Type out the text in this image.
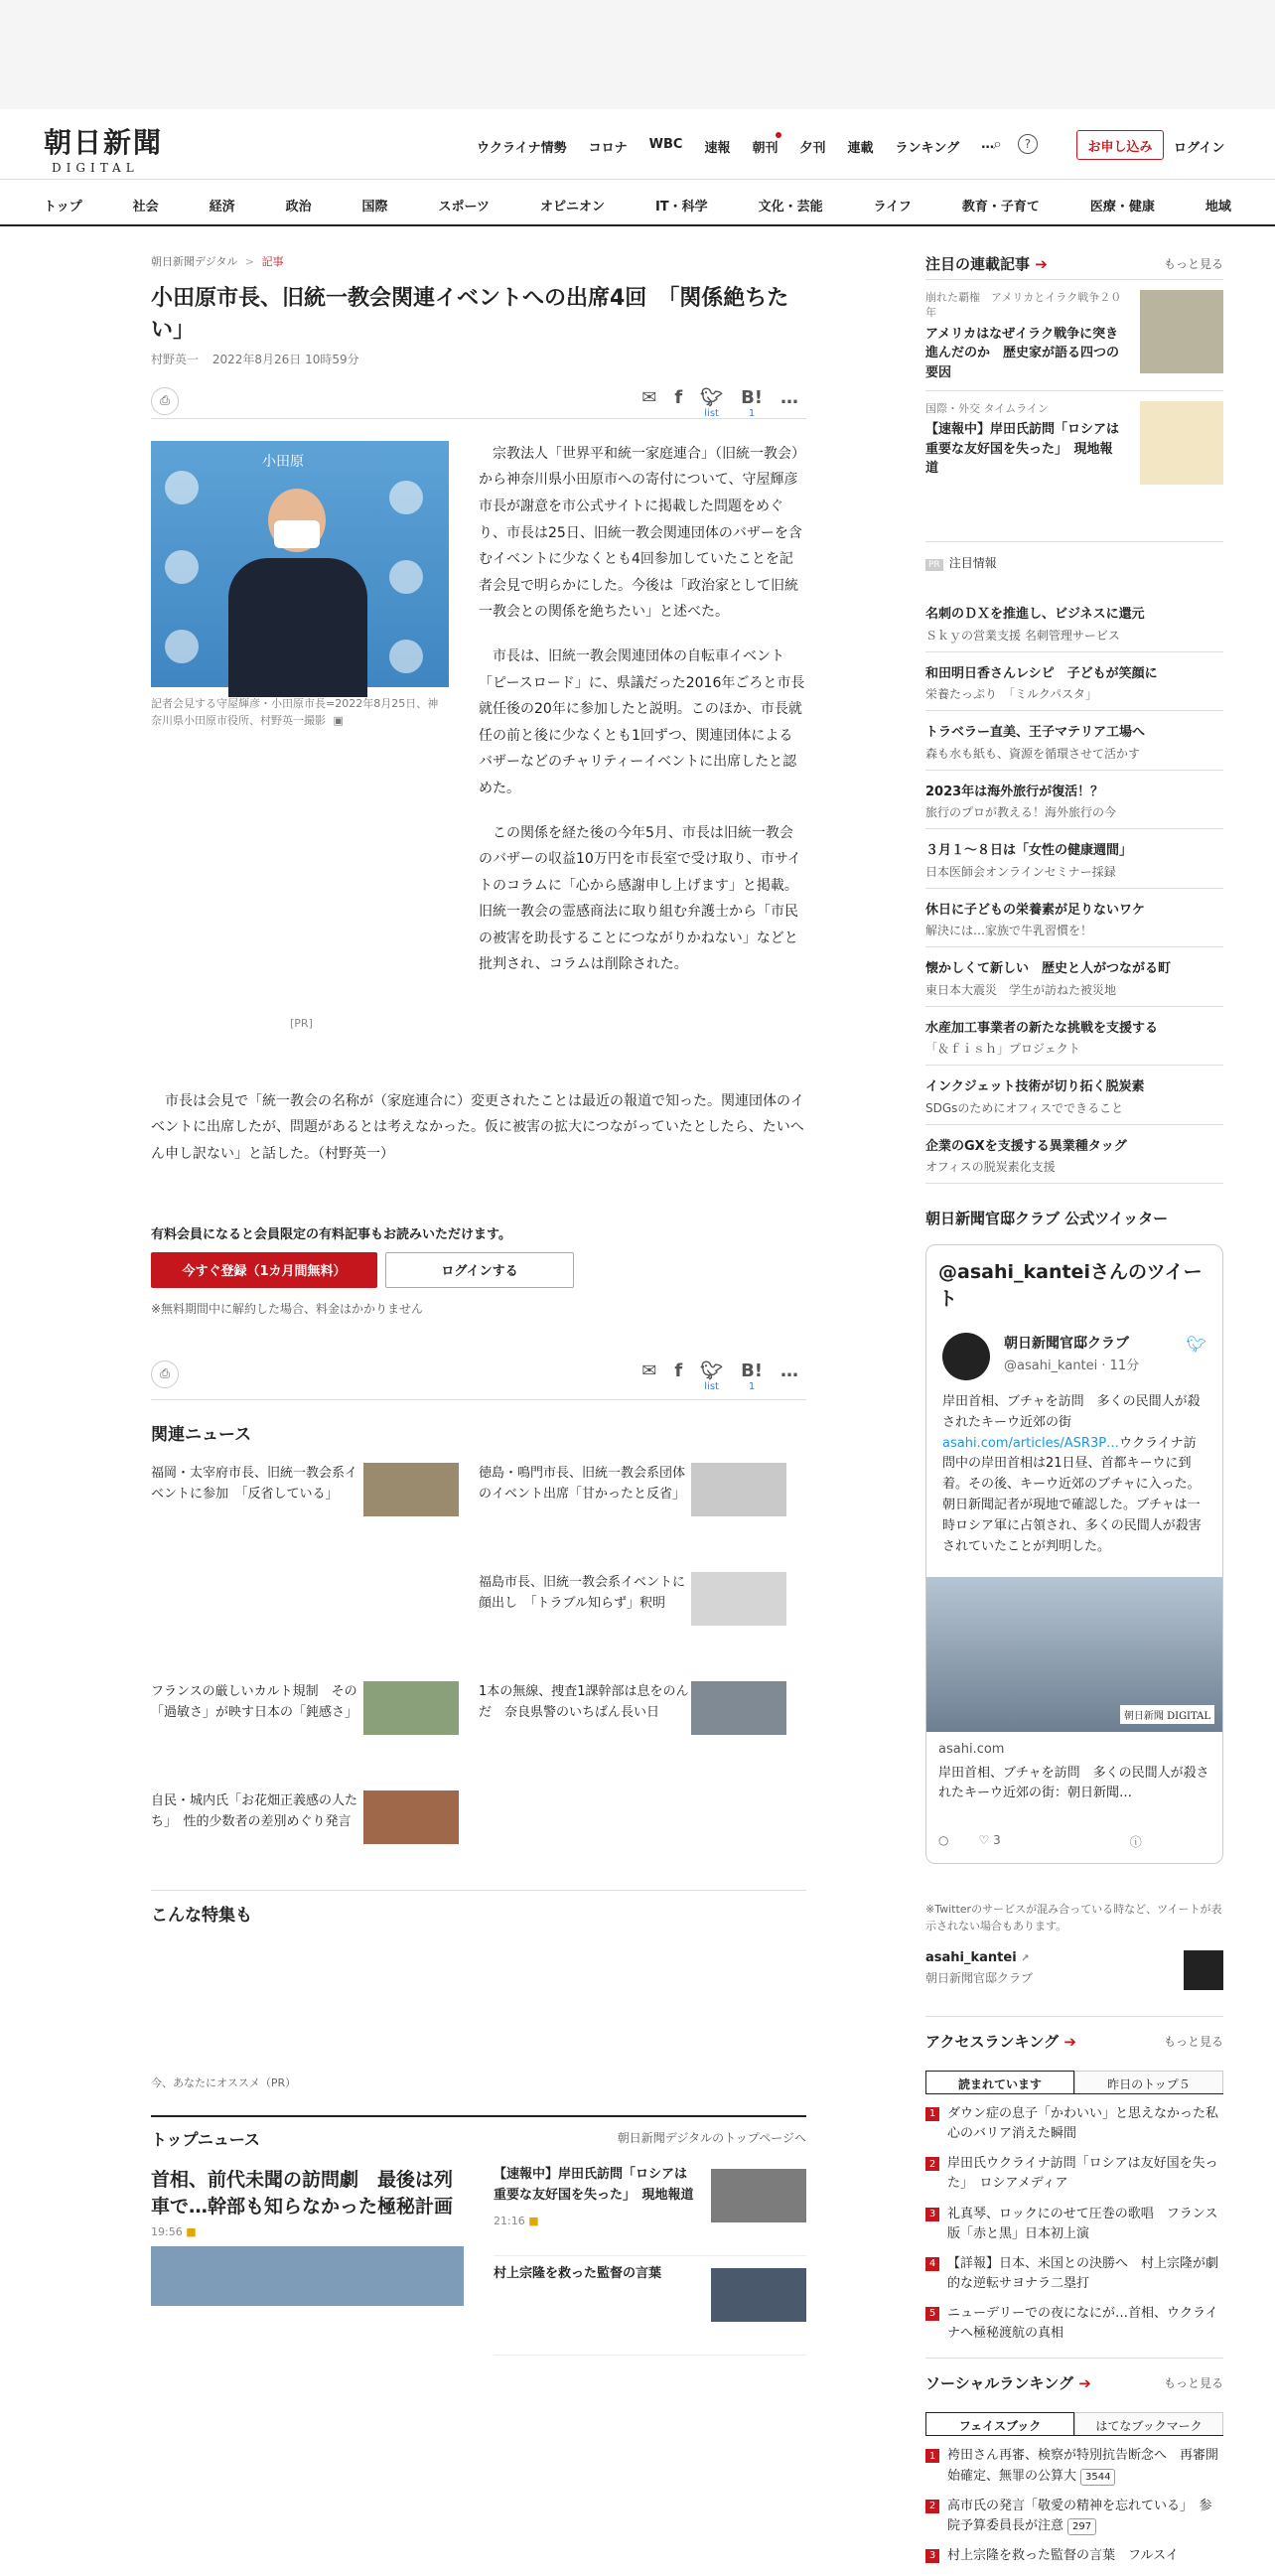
朝日新聞
DIGITAL
ウクライナ情勢 コロナ WBC 速報 朝刊 夕刊 連載 ランキング …
⌕	?	お申し込み	ログイン
トップ	社会	経済	政治	国際	スポーツ	オピニオン	IT・科学	文化・芸能	ライフ	教育・子育て	医療・健康	地域
朝日新聞デジタル > 記事
小田原市長、旧統一教会関連イベントへの出席4回　「関係絶ちたい」
村野英一 2022年8月26日 10時59分
⎙	✉ f 🐦︎
list
B!
1
…
小田原
記者会見する守屋輝彦・小田原市長=2022年8月25日、神奈川県小田原市役所、村野英一撮影 ▣
[PR]

　宗教法人「世界平和統一家庭連合」（旧統一教会）から神奈川県小田原市への寄付について、守屋輝彦市長が謝意を市公式サイトに掲載した問題をめぐり、市長は25日、旧統一教会関連団体のバザーを含むイベントに少なくとも4回参加していたことを記者会見で明らかにした。今後は「政治家として旧統一教会との関係を絶ちたい」と述べた。

　市長は、旧統一教会関連団体の自転車イベント「ピースロード」に、県議だった2016年ごろと市長就任後の20年に参加したと説明。このほか、市長就任の前と後に少なくとも1回ずつ、関連団体によるバザーなどのチャリティーイベントに出席したと認めた。

　この関係を経た後の今年5月、市長は旧統一教会のバザーの収益10万円を市長室で受け取り、市サイトのコラムに「心から感謝申し上げます」と掲載。旧統一教会の霊感商法に取り組む弁護士から「市民の被害を助長することにつながりかねない」などと批判され、コラムは削除された。

　市長は会見で「統一教会の名称が（家庭連合に）変更されたことは最近の報道で知った。関連団体のイベントに出席したが、問題があるとは考えなかった。仮に被害の拡大につながっていたとしたら、たいへん申し訳ない」と話した。（村野英一）
有料会員になると会員限定の有料記事もお読みいただけます。
今すぐ登録（1カ月間無料）	ログインする
※無料期間中に解約した場合、料金はかかりません
⎙	✉ f 🐦︎
list
B!
1
…
関連ニュース
福岡・太宰府市長、旧統一教会系イベントに参加　「反省している」
徳島・鳴門市長、旧統一教会系団体のイベント出席「甘かったと反省」
福島市長、旧統一教会系イベントに顔出し　「トラブル知らず」釈明
フランスの厳しいカルト規制　その「過敏さ」が映す日本の「鈍感さ」
1本の無線、捜査1課幹部は息をのんだ　奈良県警のいちばん長い日
自民・城内氏「お花畑正義感の人たち」　性的少数者の差別めぐり発言
こんな特集も
今、あなたにオススメ（PR）
トップニュース	朝日新聞デジタルのトップページへ
首相、前代未聞の訪問劇　最後は列車で…幹部も知らなかった極秘計画
19:56 ■
【速報中】岸田氏訪問「ロシアは重要な友好国を失った」　現地報道
21:16 ■
村上宗隆を救った監督の言葉
注目の連載記事 ➔	もっと見る
崩れた覇権　アメリカとイラク戦争２０年
アメリカはなぜイラク戦争に突き進んだのか　歴史家が語る四つの要因
国際・外交 タイムライン
【速報中】岸田氏訪問「ロシアは重要な友好国を失った」　現地報道
PR 注目情報
名刺のＤＸを推進し、ビジネスに還元
Ｓｋｙの営業支援 名刺管理サービス
和田明日香さんレシピ　子どもが笑顔に
栄養たっぷり　「ミルクパスタ」
トラベラー直美、王子マテリア工場へ
森も水も紙も、資源を循環させて活かす
2023年は海外旅行が復活！？
旅行のプロが教える！海外旅行の今
３月１～８日は「女性の健康週間」
日本医師会オンラインセミナー採録
休日に子どもの栄養素が足りないワケ
解決には…家族で牛乳習慣を！
懐かしくて新しい　歴史と人がつながる町
東日本大震災　学生が訪ねた被災地
水産加工事業者の新たな挑戦を支援する
「＆ｆｉｓｈ」プロジェクト
インクジェット技術が切り拓く脱炭素
SDGsのためにオフィスでできること
企業のGXを支援する異業種タッグ
オフィスの脱炭素化支援
朝日新聞官邸クラブ 公式ツイッター
@asahi_kanteiさんのツイート
朝日新聞官邸クラブ
@asahi_kantei · 11分
🐦︎
岸田首相、ブチャを訪問　多くの民間人が殺されたキーウ近郊の街asahi.com/articles/ASR3P…ウクライナ訪問中の岸田首相は21日昼、首都キーウに到着。その後、キーウ近郊のブチャに入った。朝日新聞記者が現地で確認した。ブチャは一時ロシア軍に占領され、多くの民間人が殺害されていたことが判明した。
朝日新聞 DIGITAL
asahi.com
岸田首相、ブチャを訪問　多くの民間人が殺されたキーウ近郊の街：朝日新聞…
○	♡ 3	ⓘ
※Twitterのサービスが混み合っている時など、ツイートが表示されない場合もあります。
asahi_kantei ↗
朝日新聞官邸クラブ
アクセスランキング ➔	もっと見る
読まれています	昨日のトップ５
1 ダウン症の息子「かわいい」と思えなかった私　心のバリア消えた瞬間
2 岸田氏ウクライナ訪問「ロシアは友好国を失った」　ロシアメディア
3 礼真琴、ロックにのせて圧巻の歌唱　フランス版「赤と黒」日本初上演
4 【詳報】日本、米国との決勝へ　村上宗隆が劇的な逆転サヨナラ二塁打
5 ニューデリーでの夜になにが…首相、ウクライナへ極秘渡航の真相
ソーシャルランキング ➔	もっと見る
フェイスブック	はてなブックマーク
1 袴田さん再審、検察が特別抗告断念へ　再審開始確定、無罪の公算大 3544
2 高市氏の発言「敬愛の精神を忘れている」　参院予算委員長が注意 297
3 村上宗隆を救った監督の言葉　フルスイ
